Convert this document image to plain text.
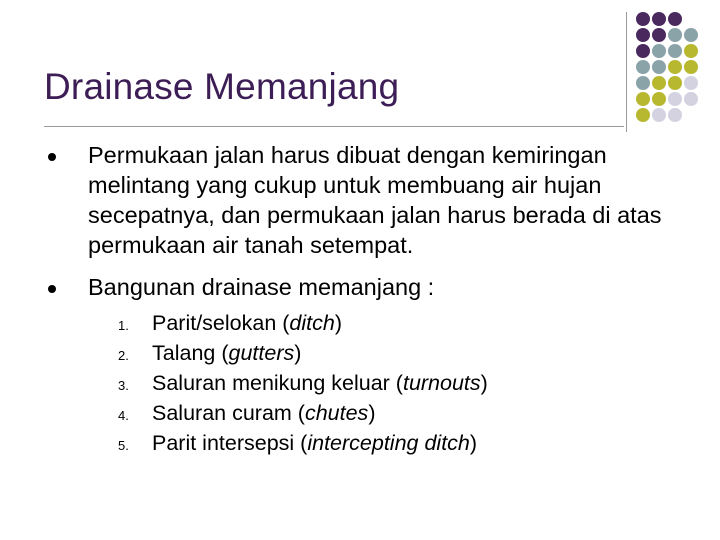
Drainase Memanjang
Permukaan jalan harus dibuat dengan kemiringan melintang yang cukup untuk membuang air hujan secepatnya, dan permukaan jalan harus berada di atas permukaan air tanah setempat.
Bangunan drainase memanjang :
1. Parit/selokan (ditch)
2. Talang (gutters)
3. Saluran menikung keluar (turnouts)
4. Saluran curam (chutes)
5. Parit intersepsi (intercepting ditch)
